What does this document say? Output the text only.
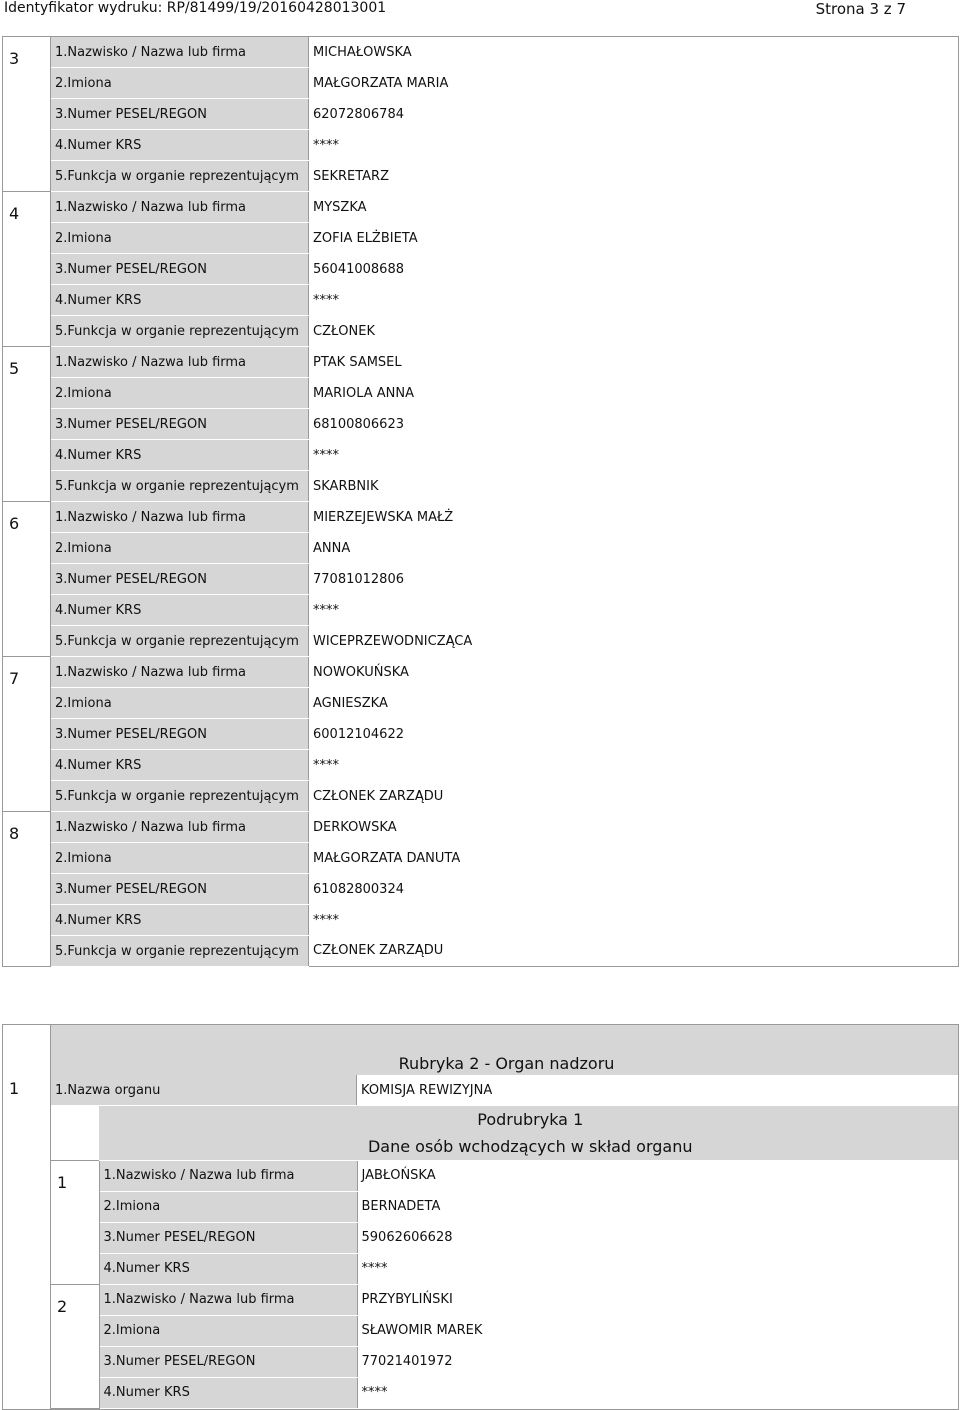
Identyfikator wydruku: RP/81499/19/20160428013001	Strona 3 z 7
3	1.Nazwisko / Nazwa lub firma	MICHAŁOWSKA
	2.Imiona	MAŁGORZATA MARIA
	3.Numer PESEL/REGON	62072806784
	4.Numer KRS	****
	5.Funkcja w organie reprezentującym	SEKRETARZ
4	1.Nazwisko / Nazwa lub firma	MYSZKA
	2.Imiona	ZOFIA ELŻBIETA
	3.Numer PESEL/REGON	56041008688
	4.Numer KRS	****
	5.Funkcja w organie reprezentującym	CZŁONEK
5	1.Nazwisko / Nazwa lub firma	PTAK SAMSEL
	2.Imiona	MARIOLA ANNA
	3.Numer PESEL/REGON	68100806623
	4.Numer KRS	****
	5.Funkcja w organie reprezentującym	SKARBNIK
6	1.Nazwisko / Nazwa lub firma	MIERZEJEWSKA MAŁŻ
	2.Imiona	ANNA
	3.Numer PESEL/REGON	77081012806
	4.Numer KRS	****
	5.Funkcja w organie reprezentującym	WICEPRZEWODNICZĄCA
7	1.Nazwisko / Nazwa lub firma	NOWOKUŃSKA
	2.Imiona	AGNIESZKA
	3.Numer PESEL/REGON	60012104622
	4.Numer KRS	****
	5.Funkcja w organie reprezentującym	CZŁONEK ZARZĄDU
8	1.Nazwisko / Nazwa lub firma	DERKOWSKA
	2.Imiona	MAŁGORZATA DANUTA
	3.Numer PESEL/REGON	61082800324
	4.Numer KRS	****
	5.Funkcja w organie reprezentującym	CZŁONEK ZARZĄDU
	Rubryka 2 - Organ nadzoru
1	1.Nazwa organu	KOMISJA REWIZYJNA

Podrubryka 1
Dane osób wchodzących w skład organu

1	1.Nazwisko / Nazwa lub firma	JABŁOŃSKA
2.Imiona	BERNADETA
3.Numer PESEL/REGON	59062606628
4.Numer KRS	****
2	1.Nazwisko / Nazwa lub firma	PRZYBYLIŃSKI
2.Imiona	SŁAWOMIR MAREK
3.Numer PESEL/REGON	77021401972
4.Numer KRS	****
